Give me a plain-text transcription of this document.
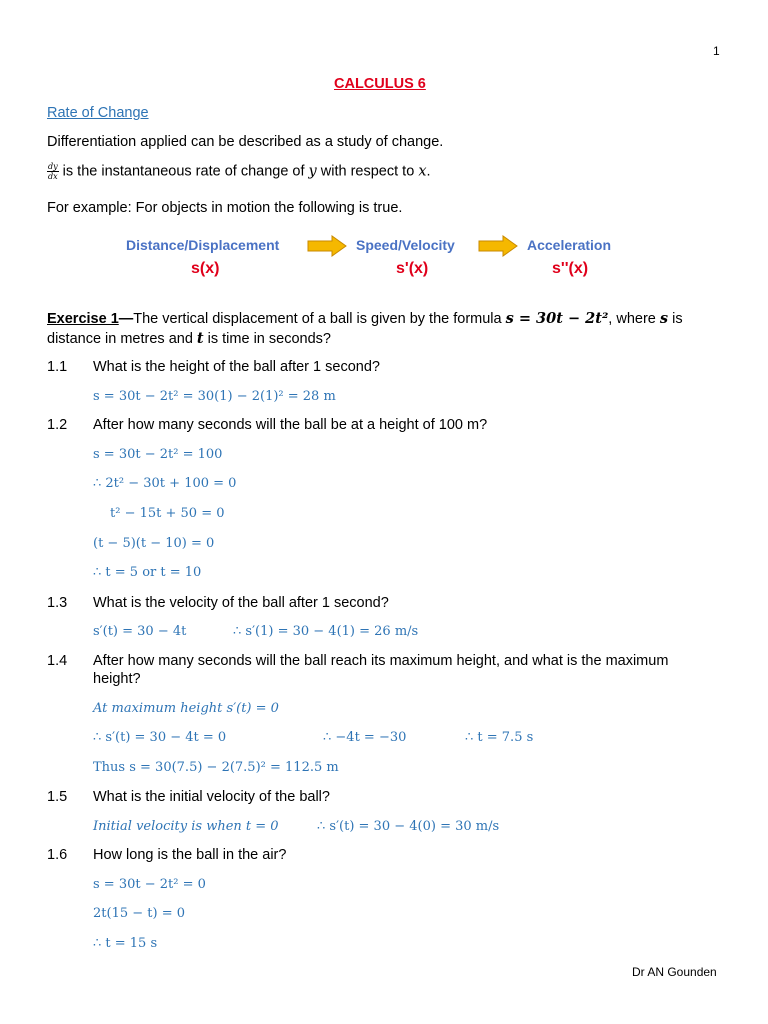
1
CALCULUS 6
Rate of Change
Differentiation applied can be described as a study of change.
$\frac{dy}{dx}$ is the instantaneous rate of change of y with respect to x.
For example: For objects in motion the following is true.
Distance/Displacement
s(x)
Speed/Velocity
s'(x)
Acceleration
s''(x)
Exercise 1—The vertical displacement of a ball is given by the formula s = 30t − 2t², where s is
distance in metres and t is time in seconds?
1.1 What is the height of the ball after 1 second?
s = 30t − 2t² = 30(1) − 2(1)² = 28 m
1.2 After how many seconds will the ball be at a height of 100 m?
s = 30t − 2t² = 100
∴ 2t² − 30t + 100 = 0
t² − 15t + 50 = 0
(t − 5)(t − 10) = 0
∴ t = 5 or t = 10
1.3 What is the velocity of the ball after 1 second?
s′(t) = 30 − 4t	∴ s′(1) = 30 − 4(1) = 26 m/s
1.4 After how many seconds will the ball reach its maximum height, and what is the maximum
height?
At maximum height s′(t) = 0
∴ s′(t) = 30 − 4t = 0	∴ −4t = −30	∴ t = 7.5 s
Thus s = 30(7.5) − 2(7.5)² = 112.5 m
1.5 What is the initial velocity of the ball?
Initial velocity is when t = 0	∴ s′(t) = 30 − 4(0) = 30 m/s
1.6 How long is the ball in the air?
s = 30t − 2t² = 0
2t(15 − t) = 0
∴ t = 15 s
Dr AN Gounden
